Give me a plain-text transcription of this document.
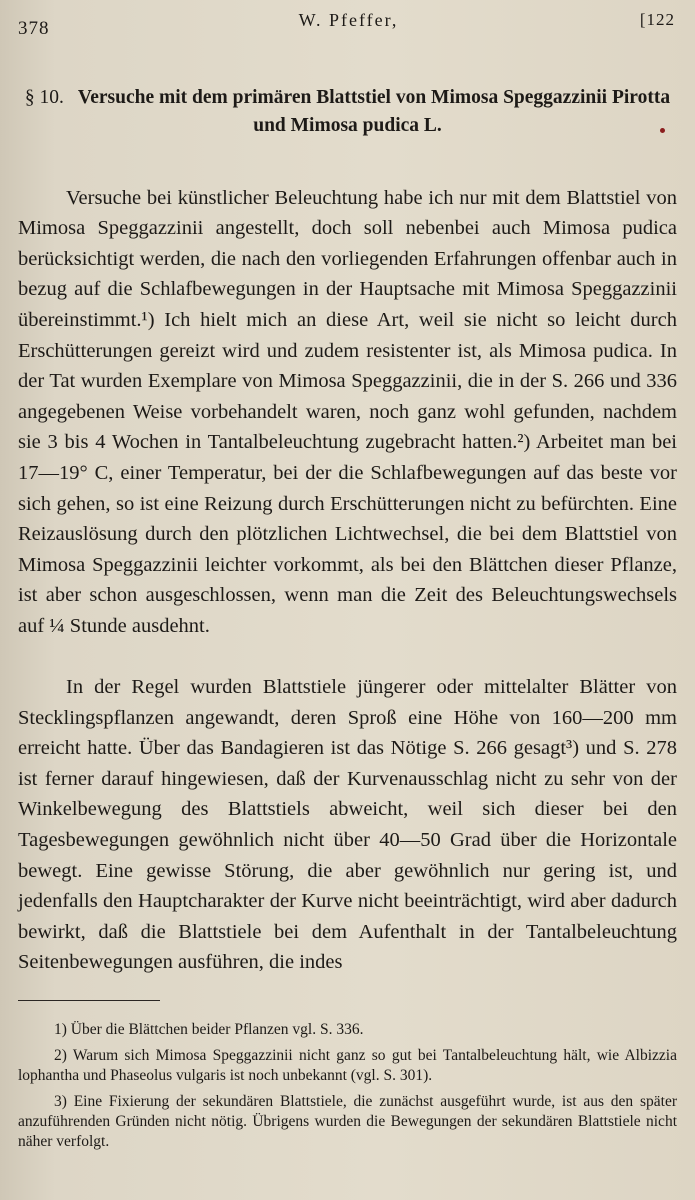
378	W. Pfeffer,	[122
§ 10. Versuche mit dem primären Blattstiel von Mimosa Speggazzinii Pirotta und Mimosa pudica L.

Versuche bei künstlicher Beleuchtung habe ich nur mit dem Blattstiel von Mimosa Speggazzinii angestellt, doch soll nebenbei auch Mimosa pudica berücksichtigt werden, die nach den vorliegenden Erfahrungen offenbar auch in bezug auf die Schlafbewegungen in der Hauptsache mit Mimosa Speggazzinii übereinstimmt.¹) Ich hielt mich an diese Art, weil sie nicht so leicht durch Erschütterungen gereizt wird und zudem resistenter ist, als Mimosa pudica. In der Tat wurden Exemplare von Mimosa Speggazzinii, die in der S. 266 und 336 angegebenen Weise vorbehandelt waren, noch ganz wohl gefunden, nachdem sie 3 bis 4 Wochen in Tantalbeleuchtung zugebracht hatten.²) Arbeitet man bei 17—19° C, einer Temperatur, bei der die Schlafbewegungen auf das beste vor sich gehen, so ist eine Reizung durch Erschütterungen nicht zu befürchten. Eine Reizauslösung durch den plötzlichen Lichtwechsel, die bei dem Blattstiel von Mimosa Speggazzinii leichter vorkommt, als bei den Blättchen dieser Pflanze, ist aber schon ausgeschlossen, wenn man die Zeit des Beleuchtungswechsels auf ¼ Stunde ausdehnt.

In der Regel wurden Blattstiele jüngerer oder mittelalter Blätter von Stecklingspflanzen angewandt, deren Sproß eine Höhe von 160—200 mm erreicht hatte. Über das Bandagieren ist das Nötige S. 266 gesagt³) und S. 278 ist ferner darauf hingewiesen, daß der Kurvenausschlag nicht zu sehr von der Winkelbewegung des Blattstiels abweicht, weil sich dieser bei den Tagesbewegungen gewöhnlich nicht über 40—50 Grad über die Horizontale bewegt. Eine gewisse Störung, die aber gewöhnlich nur gering ist, und jedenfalls den Hauptcharakter der Kurve nicht beeinträchtigt, wird aber dadurch bewirkt, daß die Blattstiele bei dem Aufenthalt in der Tantalbeleuchtung Seitenbewegungen ausführen, die indes

1) Über die Blättchen beider Pflanzen vgl. S. 336.

2) Warum sich Mimosa Speggazzinii nicht ganz so gut bei Tantalbeleuchtung hält, wie Albizzia lophantha und Phaseolus vulgaris ist noch unbekannt (vgl. S. 301).

3) Eine Fixierung der sekundären Blattstiele, die zunächst ausgeführt wurde, ist aus den später anzuführenden Gründen nicht nötig. Übrigens wurden die Bewegungen der sekundären Blattstiele nicht näher verfolgt.
